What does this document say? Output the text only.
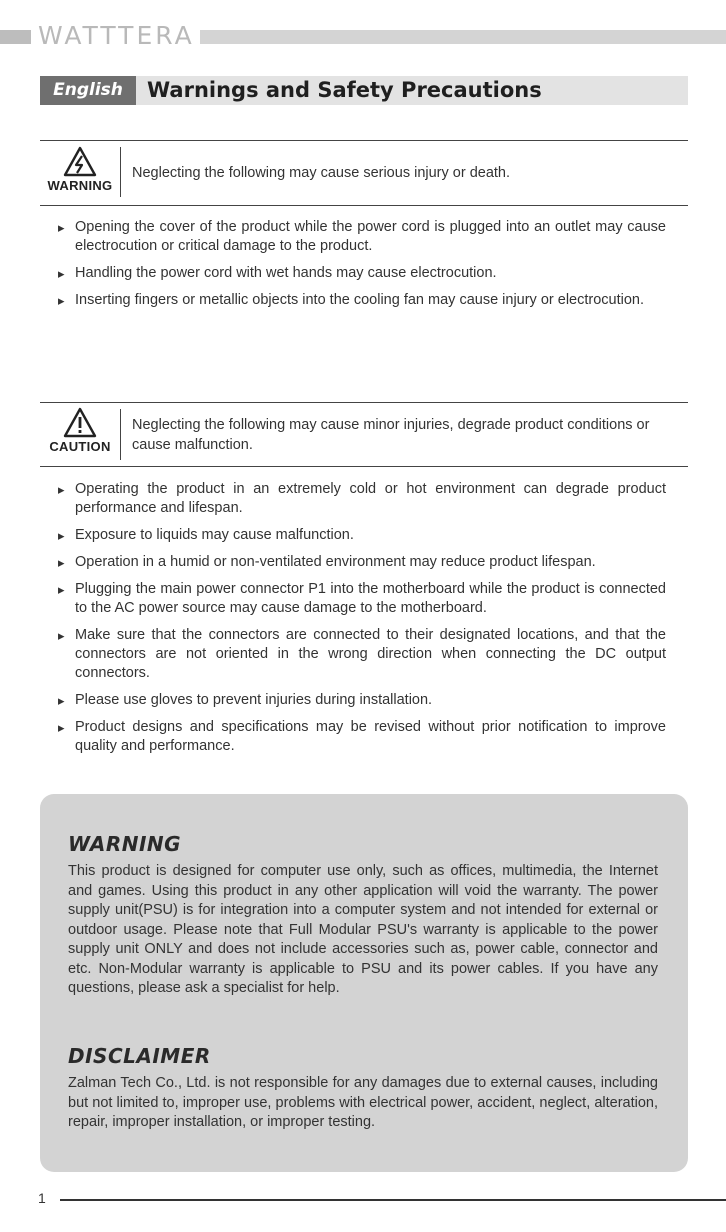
WATTTERA
English	Warnings and Safety Precautions
WARNING
Neglecting the following may cause serious injury or death.
▸ Opening the cover of the product while the power cord is plugged into an outlet may cause electrocution or critical damage to the product.
▸ Handling the power cord with wet hands may cause electrocution.
▸ Inserting fingers or metallic objects into the cooling fan may cause injury or electrocution.
CAUTION
Neglecting the following may cause minor injuries, degrade product conditions or cause malfunction.
▸ Operating the product in an extremely cold or hot environment can degrade product performance and lifespan.
▸ Exposure to liquids may cause malfunction.
▸ Operation in a humid or non-ventilated environment may reduce product lifespan.
▸ Plugging the main power connector P1 into the motherboard while the product is connected to the AC power source may cause damage to the motherboard.
▸ Make sure that the connectors are connected to their designated locations, and that the connectors are not oriented in the wrong direction when connecting the DC output connectors.
▸ Please use gloves to prevent injuries during installation.
▸ Product designs and specifications may be revised without prior notification to improve quality and performance.
WARNING

This product is designed for computer use only, such as offices, multimedia, the Internet and games. Using this product in any other application will void the warranty. The power supply unit(PSU) is for integration into a computer system and not intended for external or outdoor usage. Please note that Full Modular PSU's warranty is applicable to the power supply unit ONLY and does not include accessories such as, power cable, connector and etc. Non-Modular warranty is applicable to PSU and its power cables. If you have any questions, please ask a specialist for help.

DISCLAIMER

Zalman Tech Co., Ltd. is not responsible for any damages due to external causes, including but not limited to, improper use, problems with electrical power, accident, neglect, alteration, repair, improper installation, or improper testing.

1
